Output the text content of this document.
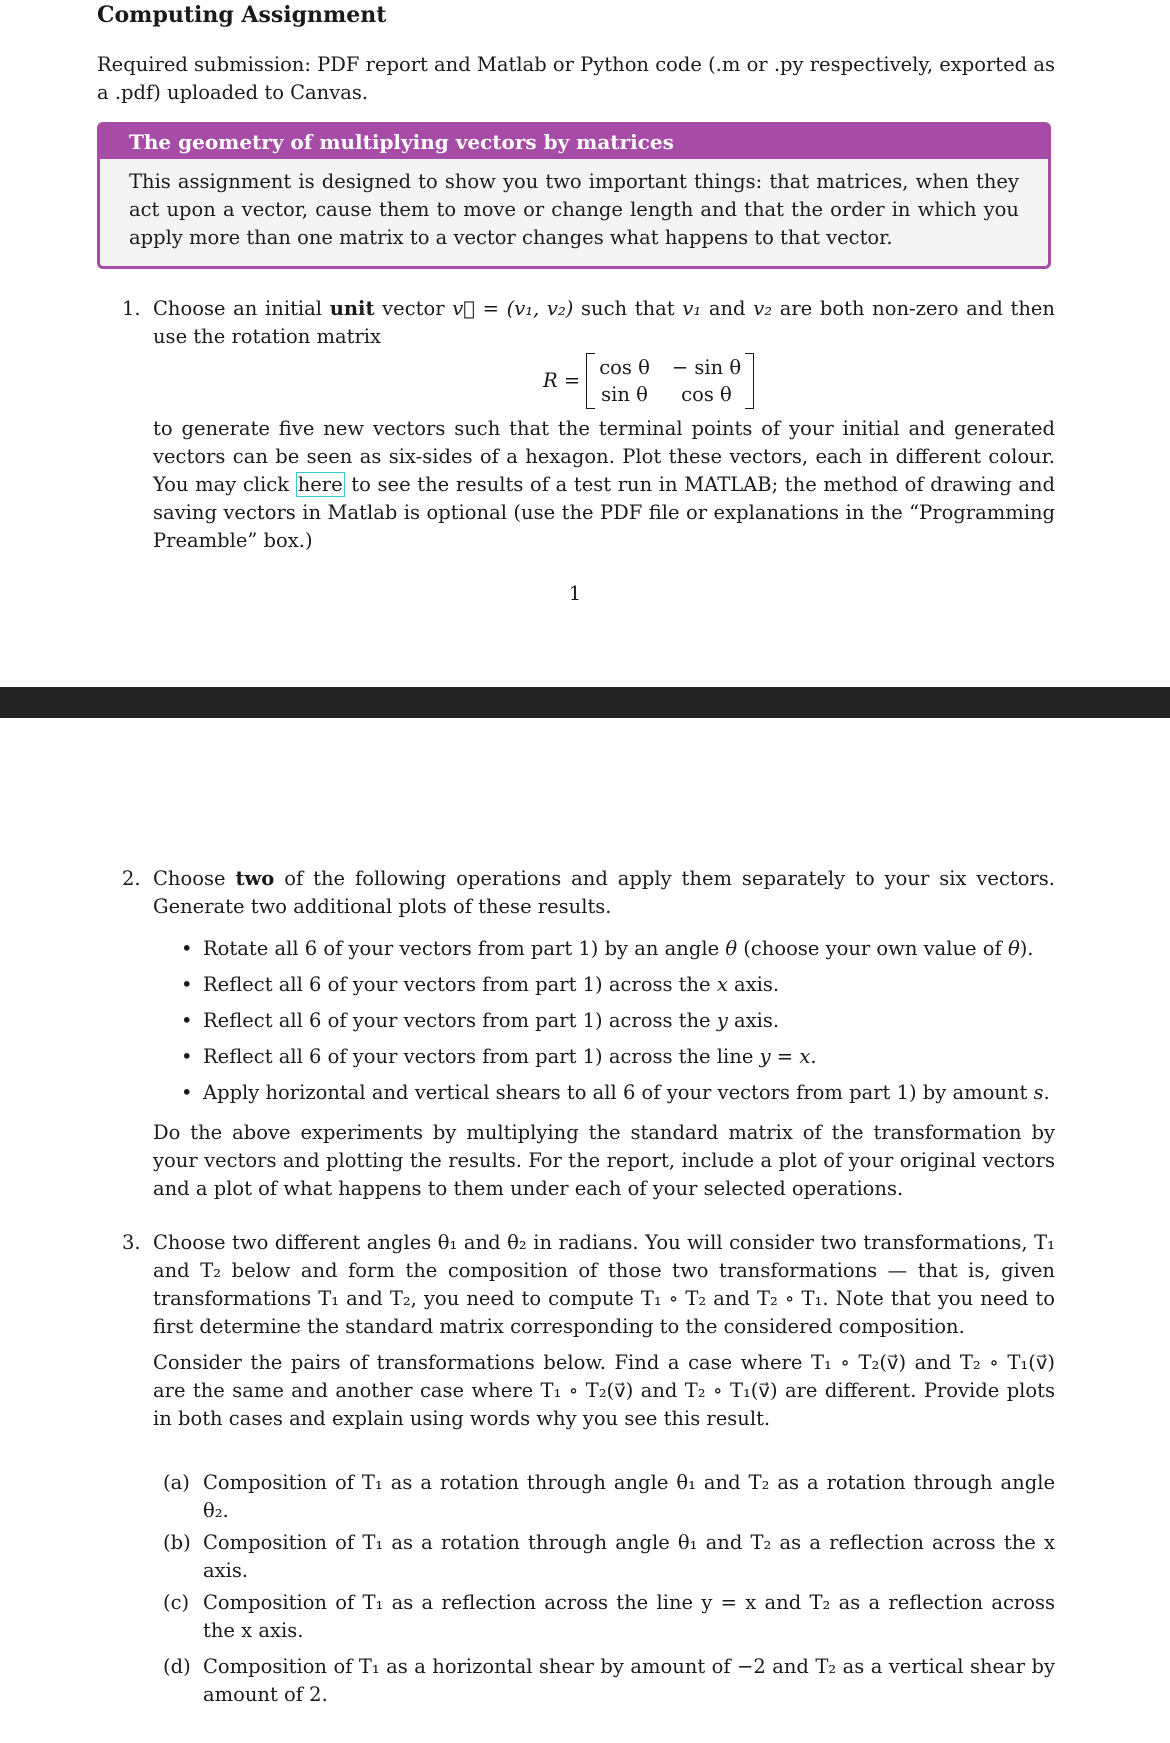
Computing Assignment
Required submission: PDF report and Matlab or Python code (.m or .py respectively, exported as a .pdf) uploaded to Canvas.
The geometry of multiplying vectors by matrices
This assignment is designed to show you two important things: that matrices, when they act upon a vector, cause them to move or change length and that the order in which you apply more than one matrix to a vector changes what happens to that vector.
1. Choose an initial unit vector v⃗ = (v₁, v₂) such that v₁ and v₂ are both non-zero and then use the rotation matrix
R =
cos θ − sin θ
sin θ	cos θ
to generate five new vectors such that the terminal points of your initial and generated vectors can be seen as six-sides of a hexagon. Plot these vectors, each in different colour. You may click here to see the results of a test run in MATLAB; the method of drawing and saving vectors in Matlab is optional (use the PDF file or explanations in the “Programming Preamble” box.)
1
2. Choose two of the following operations and apply them separately to your six vectors. Generate two additional plots of these results.
• Rotate all 6 of your vectors from part 1) by an angle θ (choose your own value of θ).
• Reflect all 6 of your vectors from part 1) across the x axis.
• Reflect all 6 of your vectors from part 1) across the y axis.
• Reflect all 6 of your vectors from part 1) across the line y = x.
• Apply horizontal and vertical shears to all 6 of your vectors from part 1) by amount s.
Do the above experiments by multiplying the standard matrix of the transformation by your vectors and plotting the results. For the report, include a plot of your original vectors and a plot of what happens to them under each of your selected operations.
3. Choose two different angles θ₁ and θ₂ in radians. You will consider two transformations, T₁ and T₂ below and form the composition of those two transformations — that is, given transformations T₁ and T₂, you need to compute T₁ ∘ T₂ and T₂ ∘ T₁. Note that you need to first determine the standard matrix corresponding to the considered composition.
Consider the pairs of transformations below. Find a case where T₁ ∘ T₂(v⃗) and T₂ ∘ T₁(v⃗) are the same and another case where T₁ ∘ T₂(v⃗) and T₂ ∘ T₁(v⃗) are different. Provide plots in both cases and explain using words why you see this result.
(a) Composition of T₁ as a rotation through angle θ₁ and T₂ as a rotation through angle θ₂.
(b) Composition of T₁ as a rotation through angle θ₁ and T₂ as a reflection across the x axis.
(c) Composition of T₁ as a reflection across the line y = x and T₂ as a reflection across the x axis.
(d) Composition of T₁ as a horizontal shear by amount of −2 and T₂ as a vertical shear by amount of 2.
